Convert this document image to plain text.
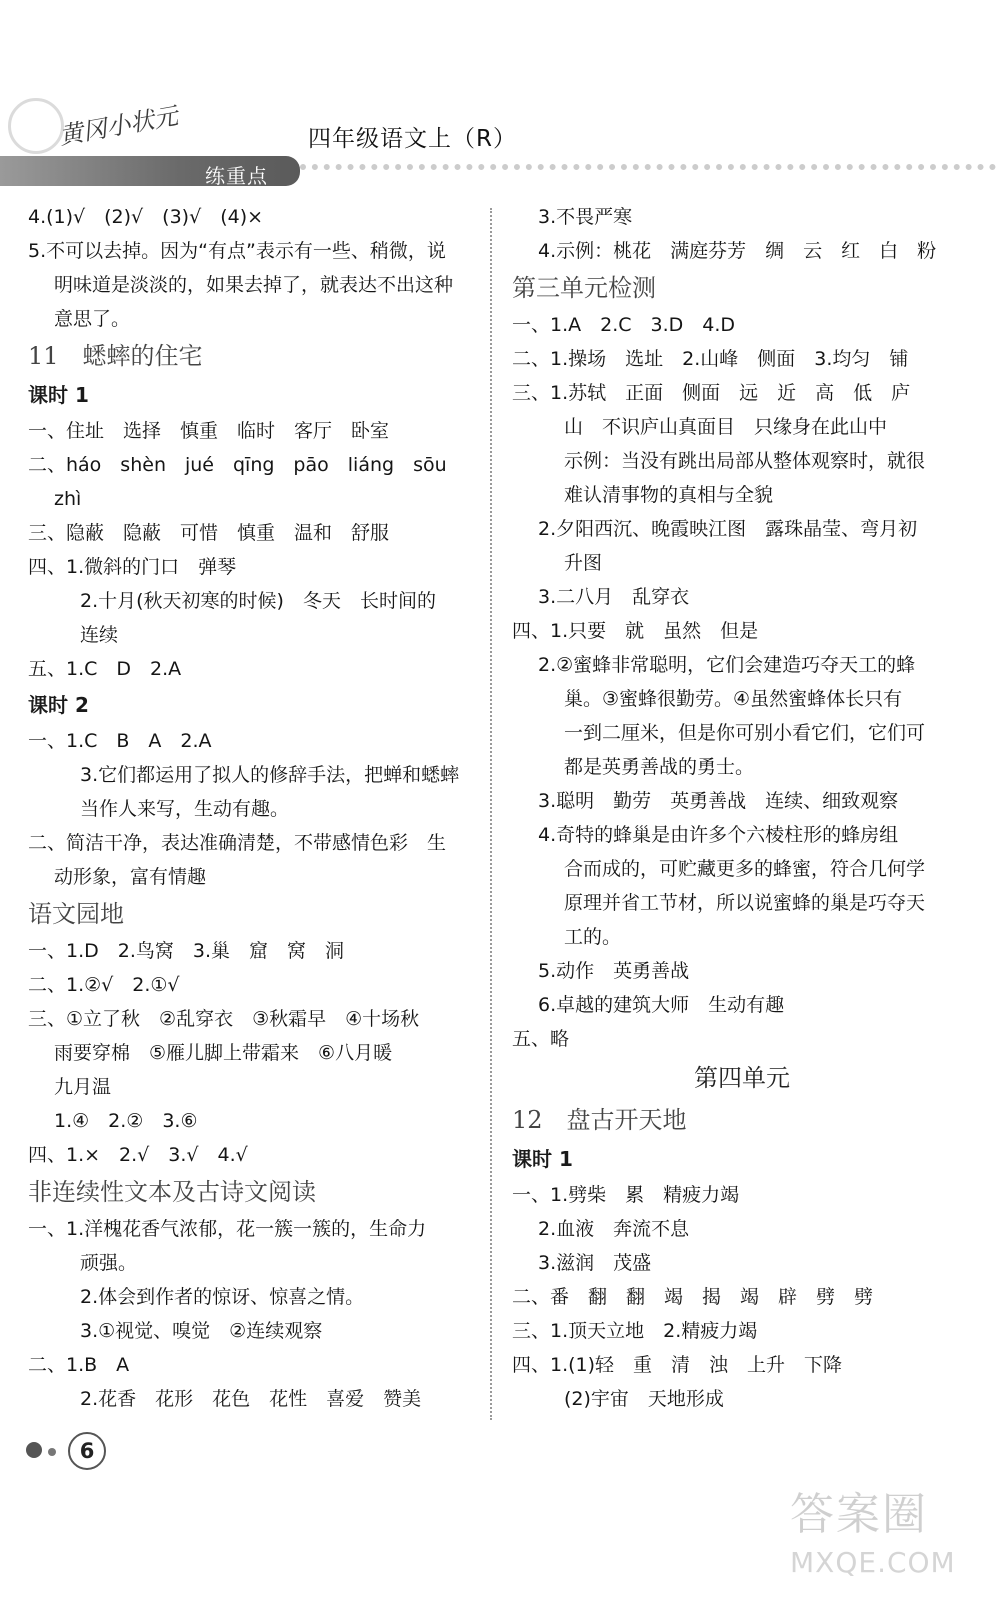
黄冈小状元
练重点
四年级语文上（R）
4.(1)√　(2)√　(3)√　(4)×
5.不可以去掉。因为“有点”表示有一些、稍微，说
明味道是淡淡的，如果去掉了，就表达不出这种
意思了。
11　蟋蟀的住宅
课时 1
一、住址　选择　慎重　临时　客厅　卧室
二、háo　shèn　jué　qīng　pāo　liáng　sōu
zhì
三、隐蔽　隐蔽　可惜　慎重　温和　舒服
四、1.微斜的门口　弹琴
2.十月(秋天初寒的时候)　冬天　长时间的
连续
五、1.C　D　2.A
课时 2
一、1.C　B　A　2.A
3.它们都运用了拟人的修辞手法，把蝉和蟋蟀
当作人来写，生动有趣。
二、简洁干净，表达准确清楚，不带感情色彩　生
动形象，富有情趣
语文园地
一、1.D　2.鸟窝　3.巢　窟　窝　洞
二、1.②√　2.①√
三、①立了秋　②乱穿衣　③秋霜早　④十场秋
雨要穿棉　⑤雁儿脚上带霜来　⑥八月暖
九月温
1.④　2.②　3.⑥
四、1.×　2.√　3.√　4.√
非连续性文本及古诗文阅读
一、1.洋槐花香气浓郁，花一簇一簇的，生命力
顽强。
2.体会到作者的惊讶、惊喜之情。
3.①视觉、嗅觉　②连续观察
二、1.B　A
2.花香　花形　花色　花性　喜爱　赞美
3.不畏严寒
4.示例：桃花　满庭芬芳　绸　云　红　白　粉
第三单元检测
一、1.A　2.C　3.D　4.D
二、1.操场　选址　2.山峰　侧面　3.均匀　铺
三、1.苏轼　正面　侧面　远　近　高　低　庐
山　不识庐山真面目　只缘身在此山中
示例：当没有跳出局部从整体观察时，就很
难认清事物的真相与全貌
2.夕阳西沉、晚霞映江图　露珠晶莹、弯月初
升图
3.二八月　乱穿衣
四、1.只要　就　虽然　但是
2.②蜜蜂非常聪明，它们会建造巧夺天工的蜂
巢。③蜜蜂很勤劳。④虽然蜜蜂体长只有
一到二厘米，但是你可别小看它们，它们可
都是英勇善战的勇士。
3.聪明　勤劳　英勇善战　连续、细致观察
4.奇特的蜂巢是由许多个六棱柱形的蜂房组
合而成的，可贮藏更多的蜂蜜，符合几何学
原理并省工节材，所以说蜜蜂的巢是巧夺天
工的。
5.动作　英勇善战
6.卓越的建筑大师　生动有趣
五、略
第四单元
12　盘古开天地
课时 1
一、1.劈柴　累　精疲力竭
2.血液　奔流不息
3.滋润　茂盛
二、番　翻　翻　竭　揭　竭　辟　劈　劈
三、1.顶天立地　2.精疲力竭
四、1.(1)轻　重　清　浊　上升　下降
(2)宇宙　天地形成
6
答案圈
MXQE.COM
